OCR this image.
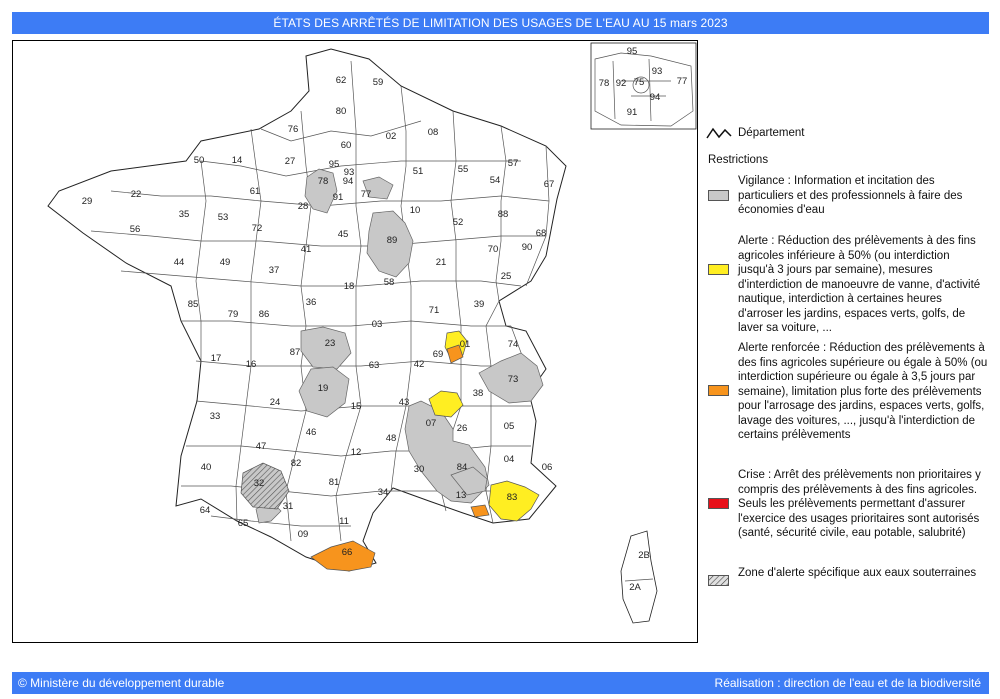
ÉTATS DES ARRÊTÉS DE LIMITATION DES USAGES DE L'EAU AU 15 mars 2023
62	59
80
76
02	08
60
50	14	27	95
93
94
78
91 77
51	55
57
54	67
29
22	61
28	10
52
88
35	53
72
45
89
68
90
56
44	49
37
41
18	58
21
70
25
85
79 86
36
03
71
39
01	74
17
16
87
23
63	42
69
73
38
19
15	43
26
07
33
24
46
48
05
47
82
12
30	84
04
06
83
13
40
32	81
34
64
65
31
09
11
66	2B
2A
75
92	77
78
91
93
94
95
Département
Restrictions
Vigilance : Information et incitation des particuliers et des professionnels à faire des économies d'eau
Alerte : Réduction des prélèvements à des fins agricoles inférieure à 50% (ou interdiction jusqu'à 3 jours par semaine), mesures d'interdiction de manoeuvre de vanne, d'activité nautique, interdiction à certaines heures d'arroser les jardins, espaces verts, golfs, de laver sa voiture, ...
Alerte renforcée : Réduction des prélèvements à des fins agricoles supérieure ou égale à 50% (ou interdiction supérieure ou égale à 3,5 jours par semaine), limitation plus forte des prélèvements pour l'arrosage des jardins, espaces verts, golfs, lavage des voitures, ..., jusqu'à l'interdiction de certains prélèvements
Crise : Arrêt des prélèvements non prioritaires y compris des prélèvements à des fins agricoles. Seuls les prélèvements permettant d'assurer l'exercice des usages prioritaires sont autorisés (santé, sécurité civile, eau potable, salubrité)
Zone d'alerte spécifique aux eaux souterraines
© Ministère du développement durable	Réalisation : direction de l'eau et de la biodiversité
